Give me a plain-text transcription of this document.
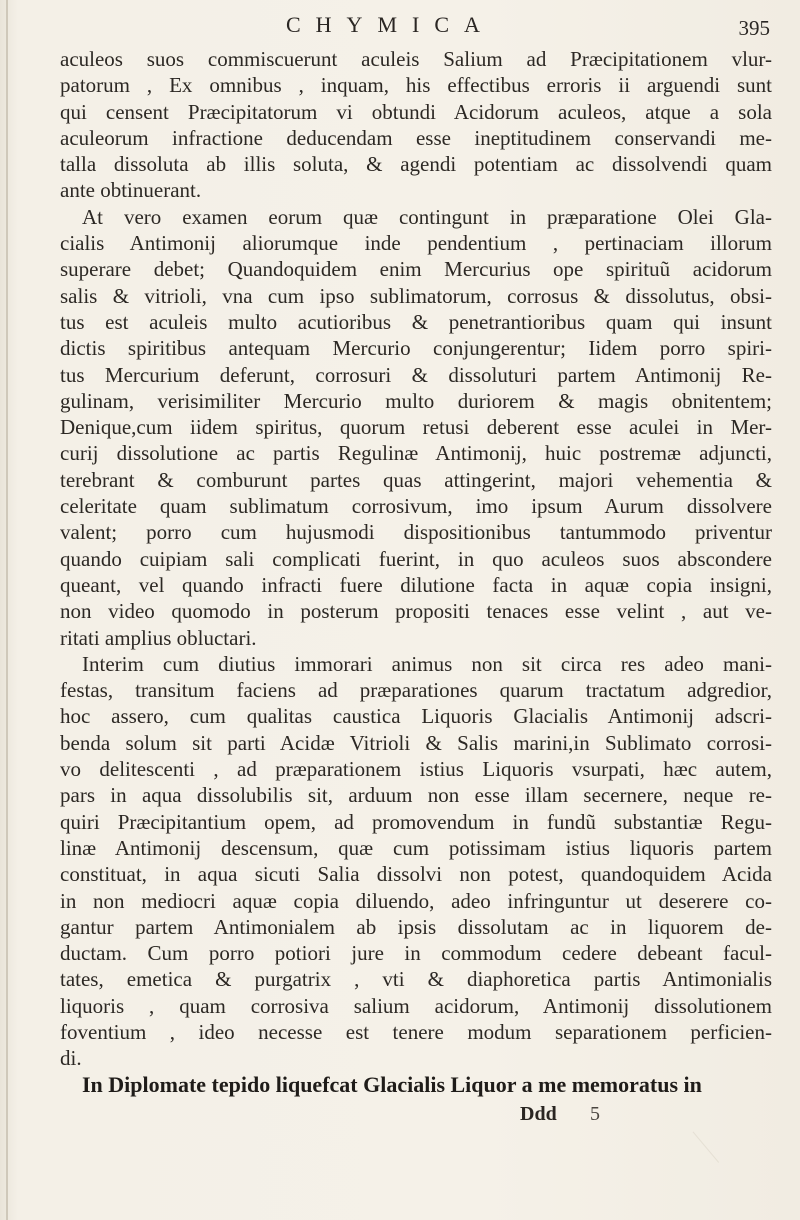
CHYMICA	395
aculeos suos commiscuerunt aculeis Salium ad Præcipitationem vlur-
patorum , Ex omnibus , inquam, his effectibus erroris ii arguendi sunt
qui censent Præcipitatorum vi obtundi Acidorum aculeos, atque a sola
aculeorum infractione deducendam esse ineptitudinem conservandi me-
talla dissoluta ab illis soluta, & agendi potentiam ac dissolvendi quam
ante obtinuerant.
At vero examen eorum quæ contingunt in præparatione Olei Gla-
cialis Antimonij aliorumque inde pendentium , pertinaciam illorum
superare debet; Quandoquidem enim Mercurius ope spirituũ acidorum
salis & vitrioli, vna cum ipso sublimatorum, corrosus & dissolutus, obsi-
tus est aculeis multo acutioribus & penetrantioribus quam qui insunt
dictis spiritibus antequam Mercurio conjungerentur; Iidem porro spiri-
tus Mercurium deferunt, corrosuri & dissoluturi partem Antimonij Re-
gulinam, verisimiliter Mercurio multo duriorem & magis obnitentem;
Denique,cum iidem spiritus, quorum retusi deberent esse aculei in Mer-
curij dissolutione ac partis Regulinæ Antimonij, huic postremæ adjuncti,
terebrant & comburunt partes quas attingerint, majori vehementia &
celeritate quam sublimatum corrosivum, imo ipsum Aurum dissolvere
valent; porro cum hujusmodi dispositionibus tantummodo priventur
quando cuipiam sali complicati fuerint, in quo aculeos suos abscondere
queant, vel quando infracti fuere dilutione facta in aquæ copia insigni,
non video quomodo in posterum propositi tenaces esse velint , aut ve-
ritati amplius obluctari.
Interim cum diutius immorari animus non sit circa res adeo mani-
festas, transitum faciens ad præparationes quarum tractatum adgredior,
hoc assero, cum qualitas caustica Liquoris Glacialis Antimonij adscri-
benda solum sit parti Acidæ Vitrioli & Salis marini,in Sublimato corrosi-
vo delitescenti , ad præparationem istius Liquoris vsurpati, hæc autem,
pars in aqua dissolubilis sit, arduum non esse illam secernere, neque re-
quiri Præcipitantium opem, ad promovendum in fundũ substantiæ Regu-
linæ Antimonij descensum, quæ cum potissimam istius liquoris partem
constituat, in aqua sicuti Salia dissolvi non potest, quandoquidem Acida
in non mediocri aquæ copia diluendo, adeo infringuntur ut deserere co-
gantur partem Antimonialem ab ipsis dissolutam ac in liquorem de-
ductam. Cum porro potiori jure in commodum cedere debeant facul-
tates, emetica & purgatrix , vti & diaphoretica partis Antimonialis
liquoris , quam corrosiva salium acidorum, Antimonij dissolutionem
foventium , ideo necesse est tenere modum separationem perficien-
di.
In Diplomate tepido liquefcat Glacialis Liquor a me memoratus in
Ddd 5
